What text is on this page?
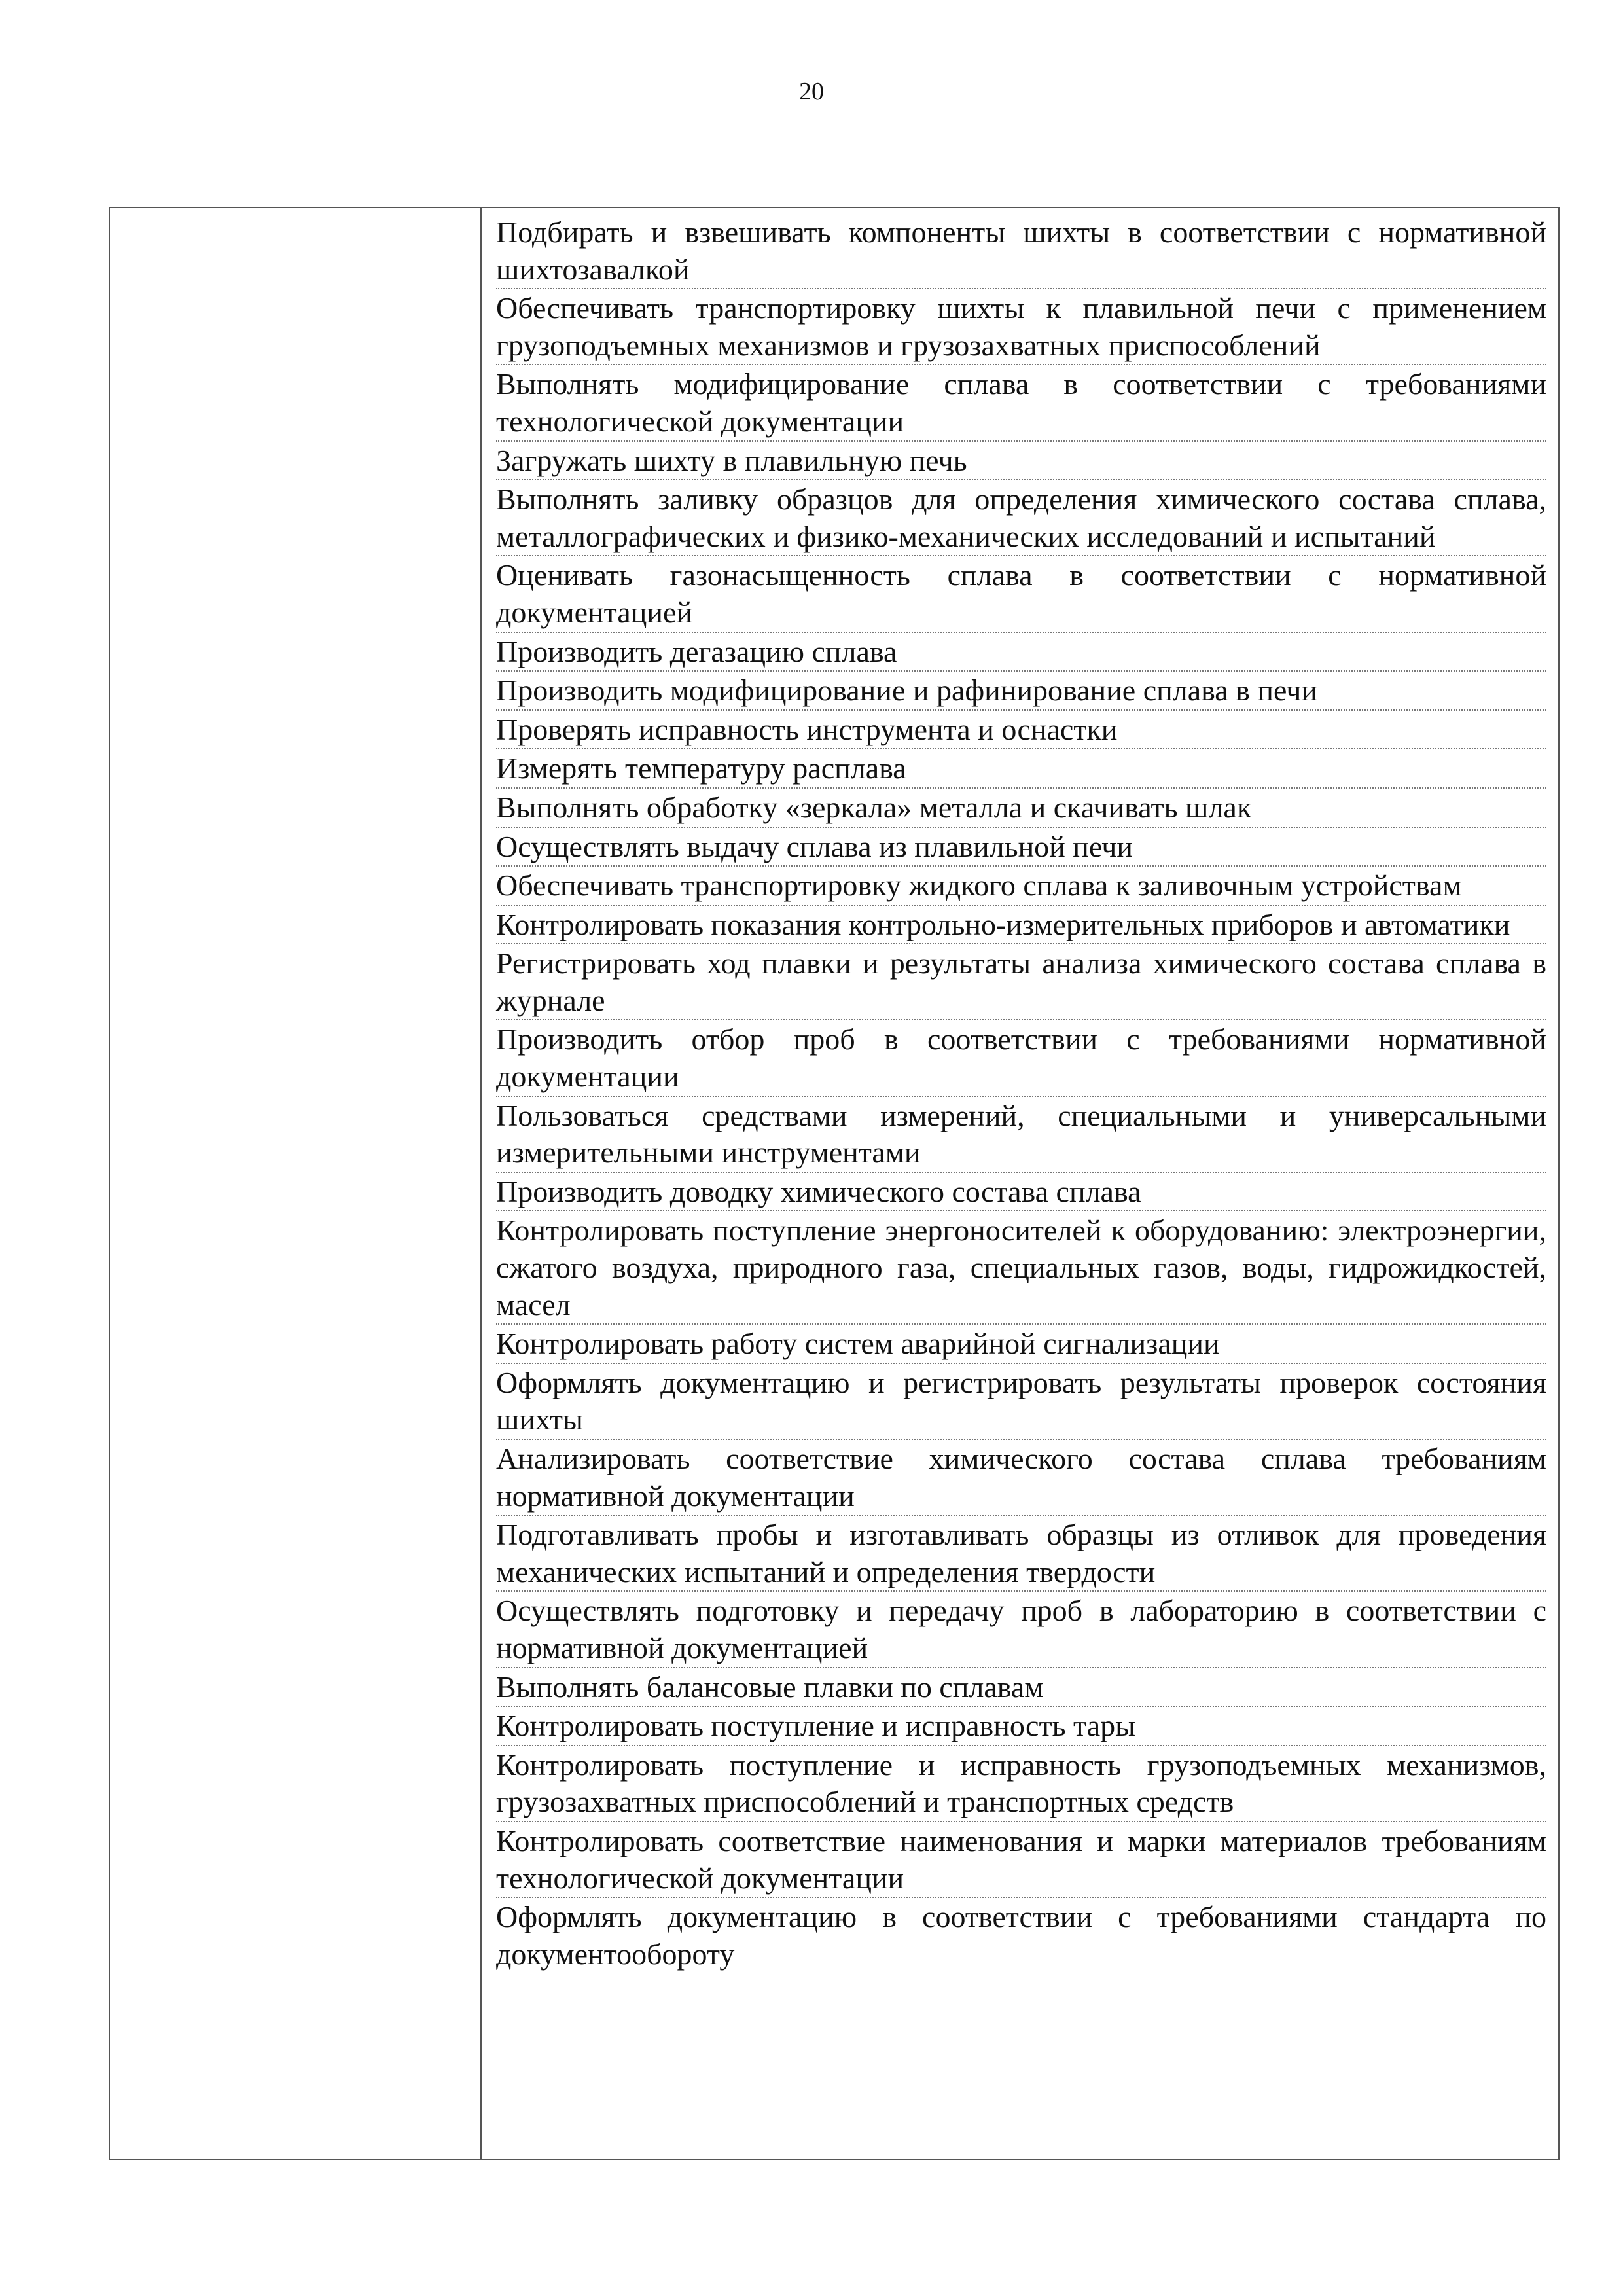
20
Подбирать и взвешивать компоненты шихты в соответствии с нормативной шихтозавалкой
Обеспечивать транспортировку шихты к плавильной печи с применением грузоподъемных механизмов и грузозахватных приспособлений
Выполнять модифицирование сплава в соответствии с требованиями технологической документации
Загружать шихту в плавильную печь
Выполнять заливку образцов для определения химического состава сплава, металлографических и физико-механических исследований и испытаний
Оценивать газонасыщенность сплава в соответствии с нормативной документацией
Производить дегазацию сплава
Производить модифицирование и рафинирование сплава в печи
Проверять исправность инструмента и оснастки
Измерять температуру расплава
Выполнять обработку «зеркала» металла и скачивать шлак
Осуществлять выдачу сплава из плавильной печи
Обеспечивать транспортировку жидкого сплава к заливочным устройствам
Контролировать показания контрольно-измерительных приборов и автоматики
Регистрировать ход плавки и результаты анализа химического состава сплава в журнале
Производить отбор проб в соответствии с требованиями нормативной документации
Пользоваться средствами измерений, специальными и универсальными измерительными инструментами
Производить доводку химического состава сплава
Контролировать поступление энергоносителей к оборудованию: электроэнергии, сжатого воздуха, природного газа, специальных газов, воды, гидрожидкостей, масел
Контролировать работу систем аварийной сигнализации
Оформлять документацию и регистрировать результаты проверок состояния шихты
Анализировать соответствие химического состава сплава требованиям нормативной документации
Подготавливать пробы и изготавливать образцы из отливок для проведения механических испытаний и определения твердости
Осуществлять подготовку и передачу проб в лабораторию в соответствии с нормативной документацией
Выполнять балансовые плавки по сплавам
Контролировать поступление и исправность тары
Контролировать поступление и исправность грузоподъемных механизмов, грузозахватных приспособлений и транспортных средств
Контролировать соответствие наименования и марки материалов требованиям технологической документации
Оформлять документацию в соответствии с требованиями стандарта по документообороту
